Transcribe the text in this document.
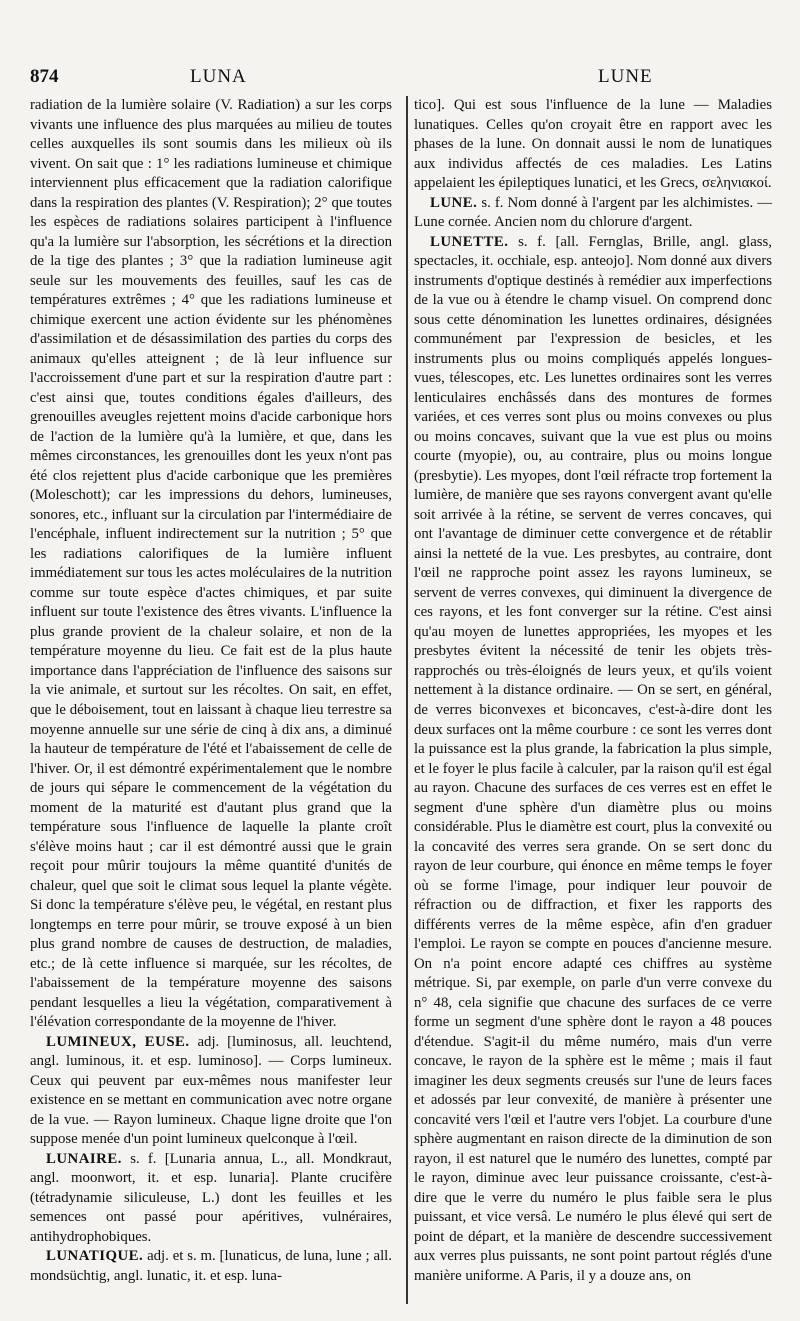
874	LUNA	LUNE

radiation de la lumière solaire (V. Radiation) a sur les corps vivants une influence des plus marquées au milieu de toutes celles auxquelles ils sont soumis dans les milieux où ils vivent. On sait que : 1° les radiations lumineuse et chimique interviennent plus efficacement que la radiation calorifique dans la respiration des plantes (V. Respiration); 2° que toutes les espèces de radiations solaires participent à l'influence qu'a la lumière sur l'absorption, les sécrétions et la direction de la tige des plantes ; 3° que la radiation lumineuse agit seule sur les mouvements des feuilles, sauf les cas de températures extrêmes ; 4° que les radiations lumineuse et chimique exercent une action évidente sur les phénomènes d'assimilation et de désassimilation des parties du corps des animaux qu'elles atteignent ; de là leur influence sur l'accroissement d'une part et sur la respiration d'autre part : c'est ainsi que, toutes conditions égales d'ailleurs, des grenouilles aveugles rejettent moins d'acide carbonique hors de l'action de la lumière qu'à la lumière, et que, dans les mêmes circonstances, les grenouilles dont les yeux n'ont pas été clos rejettent plus d'acide carbonique que les premières (Moleschott); car les impressions du dehors, lumineuses, sonores, etc., influant sur la circulation par l'intermédiaire de l'encéphale, influent indirectement sur la nutrition ; 5° que les radiations calorifiques de la lumière influent immédiatement sur tous les actes moléculaires de la nutrition comme sur toute espèce d'actes chimiques, et par suite influent sur toute l'existence des êtres vivants. L'influence la plus grande provient de la chaleur solaire, et non de la température moyenne du lieu. Ce fait est de la plus haute importance dans l'appréciation de l'influence des saisons sur la vie animale, et surtout sur les récoltes. On sait, en effet, que le déboisement, tout en laissant à chaque lieu terrestre sa moyenne annuelle sur une série de cinq à dix ans, a diminué la hauteur de température de l'été et l'abaissement de celle de l'hiver. Or, il est démontré expérimentalement que le nombre de jours qui sépare le commencement de la végétation du moment de la maturité est d'autant plus grand que la température sous l'influence de laquelle la plante croît s'élève moins haut ; car il est démontré aussi que le grain reçoit pour mûrir toujours la même quantité d'unités de chaleur, quel que soit le climat sous lequel la plante végète. Si donc la température s'élève peu, le végétal, en restant plus longtemps en terre pour mûrir, se trouve exposé à un bien plus grand nombre de causes de destruction, de maladies, etc.; de là cette influence si marquée, sur les récoltes, de l'abaissement de la température moyenne des saisons pendant lesquelles a lieu la végétation, comparativement à l'élévation correspondante de la moyenne de l'hiver.

LUMINEUX, EUSE. adj. [luminosus, all. leuchtend, angl. luminous, it. et esp. luminoso]. — Corps lumineux. Ceux qui peuvent par eux-mêmes nous manifester leur existence en se mettant en communication avec notre organe de la vue. — Rayon lumineux. Chaque ligne droite que l'on suppose menée d'un point lumineux quelconque à l'œil.

LUNAIRE. s. f. [Lunaria annua, L., all. Mondkraut, angl. moonwort, it. et esp. lunaria]. Plante crucifère (tétradynamie siliculeuse, L.) dont les feuilles et les semences ont passé pour apéritives, vulnéraires, antihydrophobiques.

LUNATIQUE. adj. et s. m. [lunaticus, de luna, lune ; all. mondsüchtig, angl. lunatic, it. et esp. luna-

tico]. Qui est sous l'influence de la lune — Maladies lunatiques. Celles qu'on croyait être en rapport avec les phases de la lune. On donnait aussi le nom de lunatiques aux individus affectés de ces maladies. Les Latins appelaient les épileptiques lunatici, et les Grecs, σεληνιακοί.

LUNE. s. f. Nom donné à l'argent par les alchimistes. — Lune cornée. Ancien nom du chlorure d'argent.

LUNETTE. s. f. [all. Fernglas, Brille, angl. glass, spectacles, it. occhiale, esp. anteojo]. Nom donné aux divers instruments d'optique destinés à remédier aux imperfections de la vue ou à étendre le champ visuel. On comprend donc sous cette dénomination les lunettes ordinaires, désignées communément par l'expression de besicles, et les instruments plus ou moins compliqués appelés longues-vues, télescopes, etc. Les lunettes ordinaires sont les verres lenticulaires enchâssés dans des montures de formes variées, et ces verres sont plus ou moins convexes ou plus ou moins concaves, suivant que la vue est plus ou moins courte (myopie), ou, au contraire, plus ou moins longue (presbytie). Les myopes, dont l'œil réfracte trop fortement la lumière, de manière que ses rayons convergent avant qu'elle soit arrivée à la rétine, se servent de verres concaves, qui ont l'avantage de diminuer cette convergence et de rétablir ainsi la netteté de la vue. Les presbytes, au contraire, dont l'œil ne rapproche point assez les rayons lumineux, se servent de verres convexes, qui diminuent la divergence de ces rayons, et les font converger sur la rétine. C'est ainsi qu'au moyen de lunettes appropriées, les myopes et les presbytes évitent la nécessité de tenir les objets très-rapprochés ou très-éloignés de leurs yeux, et qu'ils voient nettement à la distance ordinaire. — On se sert, en général, de verres biconvexes et biconcaves, c'est-à-dire dont les deux surfaces ont la même courbure : ce sont les verres dont la puissance est la plus grande, la fabrication la plus simple, et le foyer le plus facile à calculer, par la raison qu'il est égal au rayon. Chacune des surfaces de ces verres est en effet le segment d'une sphère d'un diamètre plus ou moins considérable. Plus le diamètre est court, plus la convexité ou la concavité des verres sera grande. On se sert donc du rayon de leur courbure, qui énonce en même temps le foyer où se forme l'image, pour indiquer leur pouvoir de réfraction ou de diffraction, et fixer les rapports des différents verres de la même espèce, afin d'en graduer l'emploi. Le rayon se compte en pouces d'ancienne mesure. On n'a point encore adapté ces chiffres au système métrique. Si, par exemple, on parle d'un verre convexe du n° 48, cela signifie que chacune des surfaces de ce verre forme un segment d'une sphère dont le rayon a 48 pouces d'étendue. S'agit-il du même numéro, mais d'un verre concave, le rayon de la sphère est le même ; mais il faut imaginer les deux segments creusés sur l'une de leurs faces et adossés par leur convexité, de manière à présenter une concavité vers l'œil et l'autre vers l'objet. La courbure d'une sphère augmentant en raison directe de la diminution de son rayon, il est naturel que le numéro des lunettes, compté par le rayon, diminue avec leur puissance croissante, c'est-à-dire que le verre du numéro le plus faible sera le plus puissant, et vice versâ. Le numéro le plus élevé qui sert de point de départ, et la manière de descendre successivement aux verres plus puissants, ne sont point partout réglés d'une manière uniforme. A Paris, il y a douze ans, on
